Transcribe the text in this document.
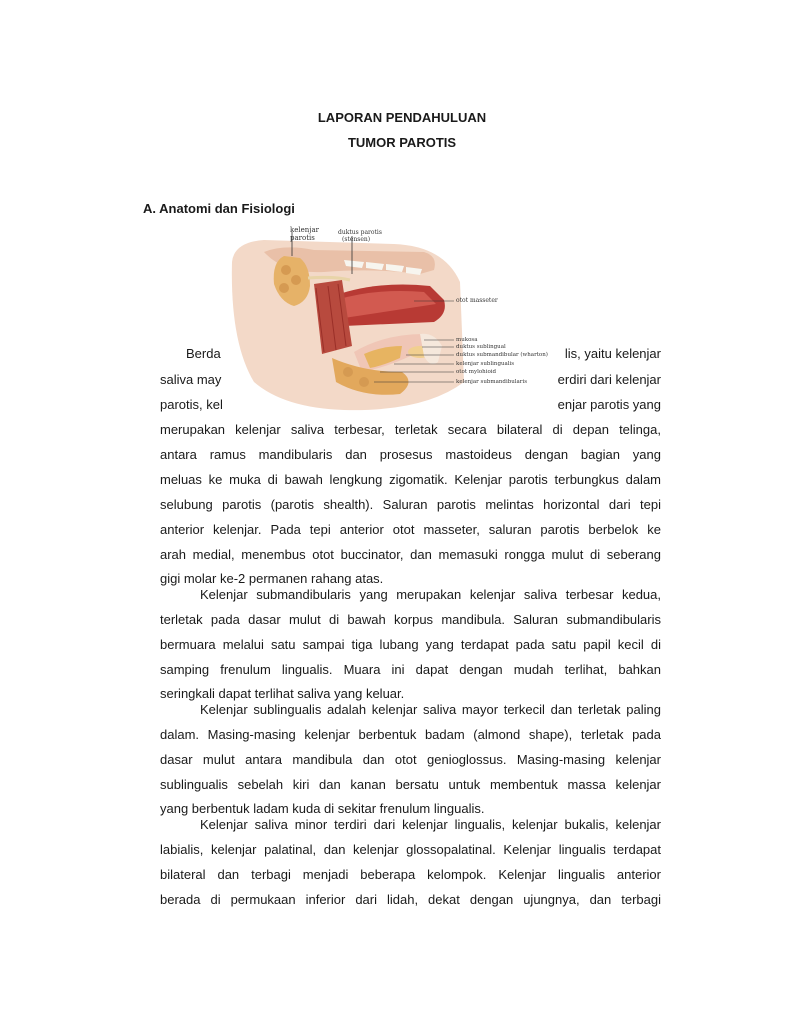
LAPORAN PENDAHULUAN
TUMOR PAROTIS
A. Anatomi dan Fisiologi
Berda
saliva may
parotis, kel
lis, yaitu kelenjar
erdiri dari kelenjar
enjar parotis yang
kelenjar
parotis
duktus parotis
(stensen)
otot masseter
mukosa
duktus sublingual
duktus submandibular (wharton)
kelenjar sublingualis
otot mylohioid
kelenjar submandibularis
merupakan kelenjar saliva terbesar, terletak secara bilateral di depan telinga,
antara ramus mandibularis dan prosesus mastoideus dengan bagian yang
meluas ke muka di bawah lengkung zigomatik. Kelenjar parotis terbungkus dalam
selubung parotis (parotis shealth). Saluran parotis melintas horizontal dari tepi
anterior kelenjar. Pada tepi anterior otot masseter, saluran parotis berbelok ke
arah medial, menembus otot buccinator, dan memasuki rongga mulut di seberang
gigi molar ke-2 permanen rahang atas.
Kelenjar submandibularis yang merupakan kelenjar saliva terbesar kedua,
terletak pada dasar mulut di bawah korpus mandibula. Saluran submandibularis
bermuara melalui satu sampai tiga lubang yang terdapat pada satu papil kecil di
samping frenulum lingualis. Muara ini dapat dengan mudah terlihat, bahkan
seringkali dapat terlihat saliva yang keluar.
Kelenjar sublingualis adalah kelenjar saliva mayor terkecil dan terletak paling
dalam. Masing-masing kelenjar berbentuk badam (almond shape), terletak pada
dasar mulut antara mandibula dan otot genioglossus. Masing-masing kelenjar
sublingualis sebelah kiri dan kanan bersatu untuk membentuk massa kelenjar
yang berbentuk ladam kuda di sekitar frenulum lingualis.
Kelenjar saliva minor terdiri dari kelenjar lingualis, kelenjar bukalis, kelenjar
labialis, kelenjar palatinal, dan kelenjar glossopalatinal. Kelenjar lingualis terdapat
bilateral dan terbagi menjadi beberapa kelompok. Kelenjar lingualis anterior
berada di permukaan inferior dari lidah, dekat dengan ujungnya, dan terbagi
